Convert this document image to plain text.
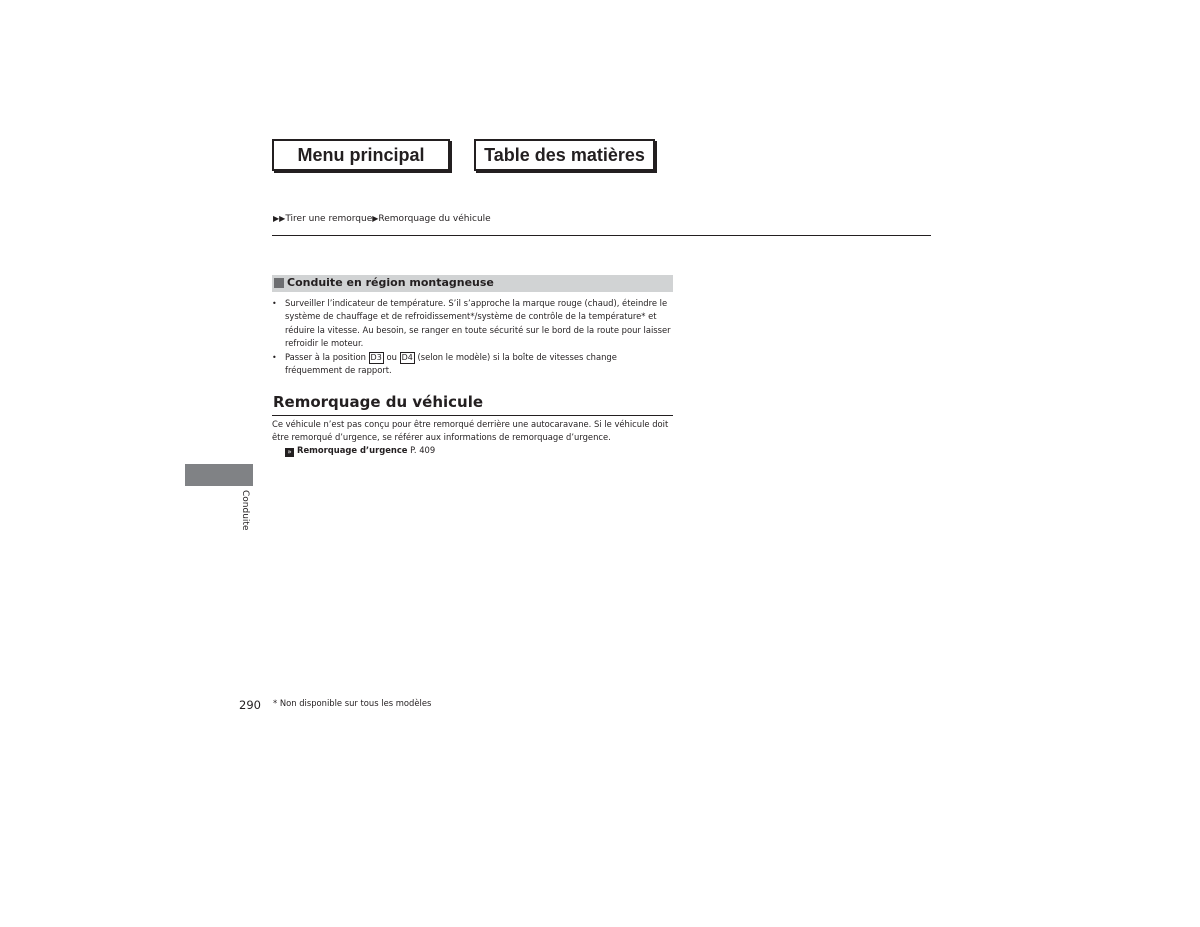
Menu principal	Table des matières
▶▶Tirer une remorque▶Remorquage du véhicule
Conduite en région montagneuse
• Surveiller l’indicateur de température. S’il s’approche la marque rouge (chaud), éteindre le système de chauffage et de refroidissement*/système de contrôle de la température* et réduire la vitesse. Au besoin, se ranger en toute sécurité sur le bord de la route pour laisser refroidir le moteur.
• Passer à la position D3 ou D4 (selon le modèle) si la boîte de vitesses change fréquemment de rapport.
Remorquage du véhicule

Ce véhicule n’est pas conçu pour être remorqué derrière une autocaravane. Si le véhicule doit être remorqué d’urgence, se référer aux informations de remorquage d’urgence.

» Remorquage d’urgence P. 409
Conduite
290 * Non disponible sur tous les modèles
